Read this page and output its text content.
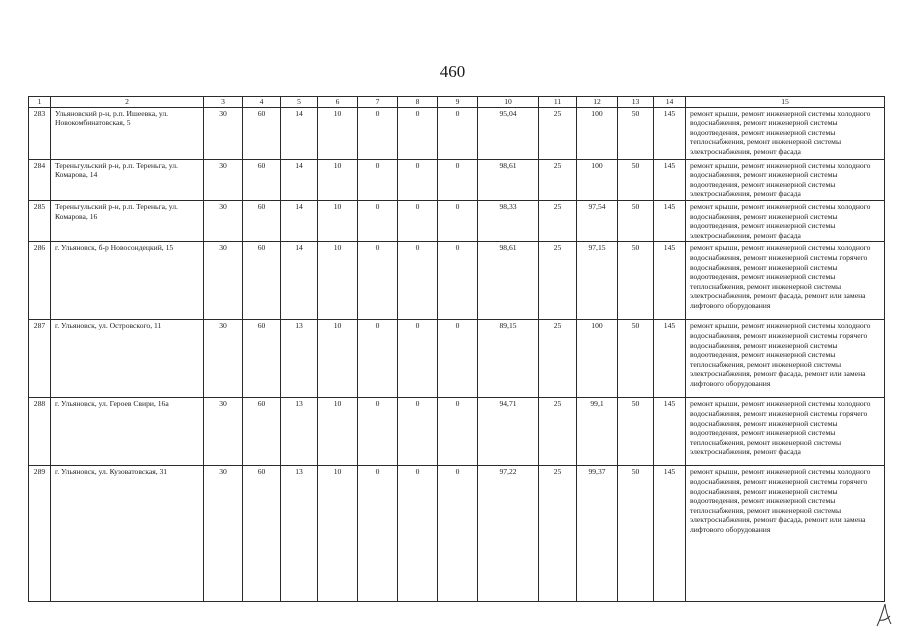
460
1	2	3	4	5	6	7	8	9	10	11	12	13	14	15
283	Ульяновский р-н, р.п. Ишеевка, ул. Новокомбинатовская, 5	30	60	14	10	0	0	0	95,04	25	100	50	145	ремонт крыши, ремонт инженерной системы холодного водоснабжения, ремонт инженерной системы водоотведения, ремонт инженерной системы теплоснабжения, ремонт инженерной системы электроснабжения, ремонт фасада
284	Тереньгульский р-н, р.п. Тереньга, ул. Комарова, 14	30	60	14	10	0	0	0	98,61	25	100	50	145	ремонт крыши, ремонт инженерной системы холодного водоснабжения, ремонт инженерной системы водоотведения, ремонт инженерной системы электроснабжения, ремонт фасада
285	Тереньгульский р-н, р.п. Тереньга, ул. Комарова, 16	30	60	14	10	0	0	0	98,33	25	97,54	50	145	ремонт крыши, ремонт инженерной системы холодного водоснабжения, ремонт инженерной системы водоотведения, ремонт инженерной системы электроснабжения, ремонт фасада
286	г. Ульяновск, б-р Новосондецкий, 15	30	60	14	10	0	0	0	98,61	25	97,15	50	145	ремонт крыши, ремонт инженерной системы холодного водоснабжения, ремонт инженерной системы горячего водоснабжения, ремонт инженерной системы водоотведения, ремонт инженерной системы теплоснабжения, ремонт инженерной системы электроснабжения, ремонт фасада, ремонт или замена лифтового оборудования
287	г. Ульяновск, ул. Островского, 11	30	60	13	10	0	0	0	89,15	25	100	50	145	ремонт крыши, ремонт инженерной системы холодного водоснабжения, ремонт инженерной системы горячего водоснабжения, ремонт инженерной системы водоотведения, ремонт инженерной системы теплоснабжения, ремонт инженерной системы электроснабжения, ремонт фасада, ремонт или замена лифтового оборудования
288	г. Ульяновск, ул. Героев Свири, 16а	30	60	13	10	0	0	0	94,71	25	99,1	50	145	ремонт крыши, ремонт инженерной системы холодного водоснабжения, ремонт инженерной системы горячего водоснабжения, ремонт инженерной системы водоотведения, ремонт инженерной системы теплоснабжения, ремонт инженерной системы электроснабжения, ремонт фасада
289	г. Ульяновск, ул. Кузоватовская, 31	30	60	13	10	0	0	0	97,22	25	99,37	50	145	ремонт крыши, ремонт инженерной системы холодного водоснабжения, ремонт инженерной системы горячего водоснабжения, ремонт инженерной системы водоотведения, ремонт инженерной системы теплоснабжения, ремонт инженерной системы электроснабжения, ремонт фасада, ремонт или замена лифтового оборудования
